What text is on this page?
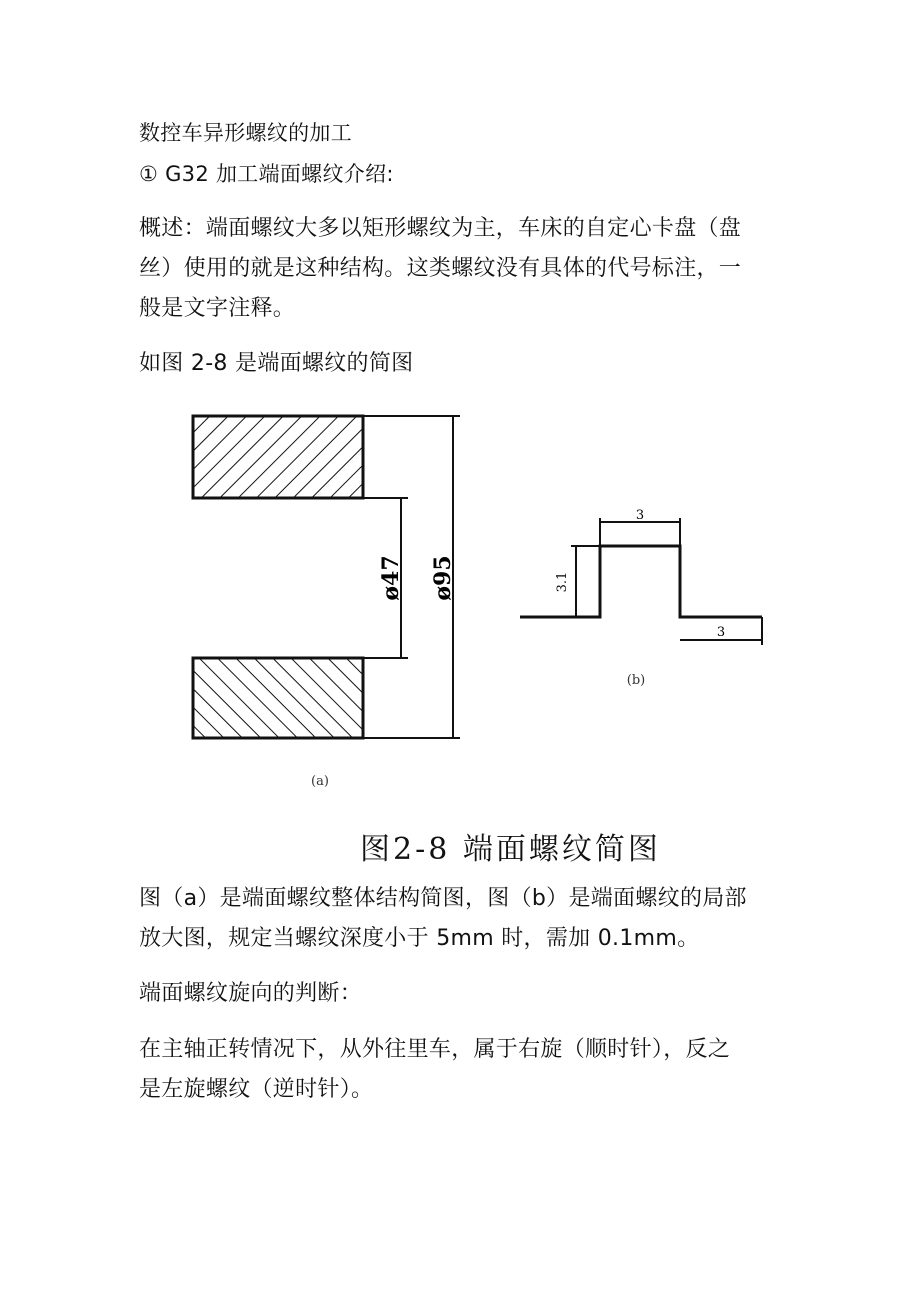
数控车异形螺纹的加工
① G32 加工端面螺纹介绍:
概述：端面螺纹大多以矩形螺纹为主，车床的自定心卡盘（盘
丝）使用的就是这种结构。这类螺纹没有具体的代号标注，一
般是文字注释。
如图 2-8 是端面螺纹的简图
ø47 ø95
(a)
3
3.1
3
(b)
图2-8 端面螺纹简图
图（a）是端面螺纹整体结构简图，图（b）是端面螺纹的局部
放大图，规定当螺纹深度小于 5mm 时，需加 0.1mm。
端面螺纹旋向的判断：
在主轴正转情况下，从外往里车，属于右旋（顺时针），反之
是左旋螺纹（逆时针）。
